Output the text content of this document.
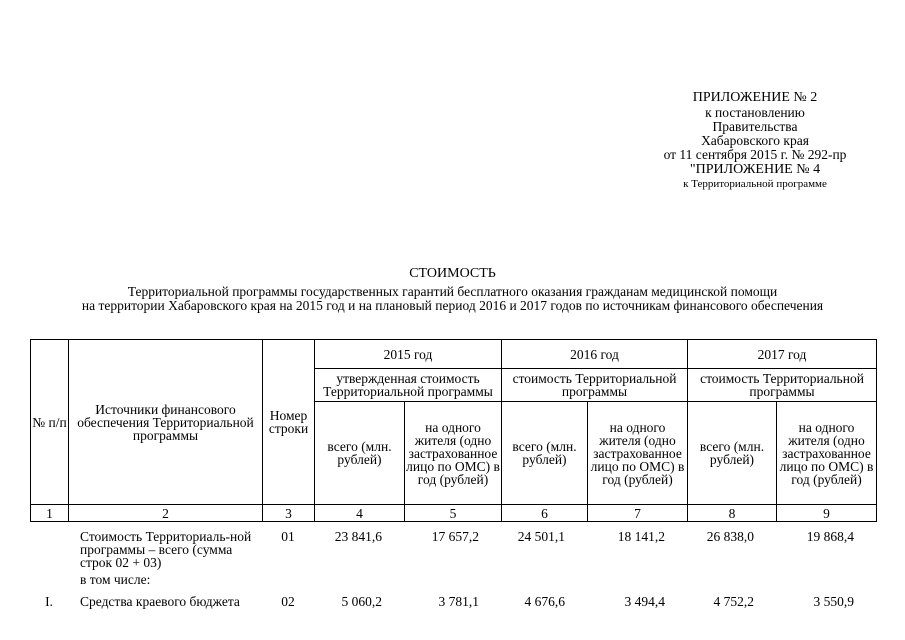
ПРИЛОЖЕНИЕ № 2
к постановлению
Правительства
Хабаровского края
от 11 сентября 2015 г. № 292-пр
"ПРИЛОЖЕНИЕ № 4
к Территориальной программе
СТОИМОСТЬ
Территориальной программы государственных гарантий бесплатного оказания гражданам медицинской помощи
на территории Хабаровского края на 2015 год и на плановый период 2016 и 2017 годов по источникам финансового обеспечения
№ п/п	Источники финансового обеспечения Территориальной программы	Номер строки	2015 год		2016 год		2017 год	
			утвержденная стоимость Территориальной программы		стоимость Территориальной программы		стоимость Территориальной программы	
			всего (млн. рублей)	на одного жителя (одно застрахованное лицо по ОМС) в год (рублей)	всего (млн. рублей)	на одного жителя (одно застрахованное лицо по ОМС) в год (рублей)	всего (млн. рублей)	на одного жителя (одно застрахованное лицо по ОМС) в год (рублей)
1	2	3	4	5	6	7	8	9
	Стоимость Территориаль-ной программы – всего (сумма строк 02 + 03)	01	23 841,6	17 657,2	24 501,1	18 141,2	26 838,0	19 868,4
	в том числе:							
I.	Средства краевого бюджета	02	5 060,2	3 781,1	4 676,6	3 494,4	4 752,2	3 550,9
